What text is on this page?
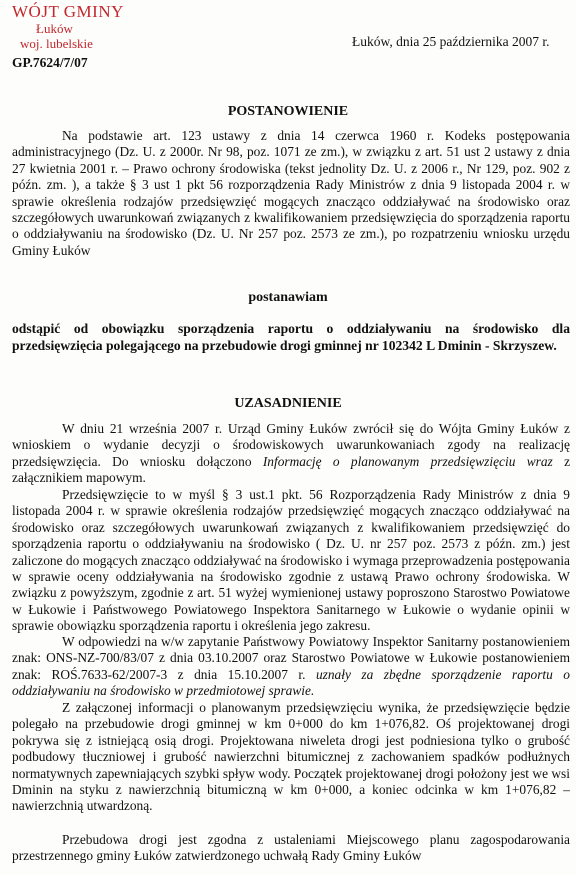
WÓJT GMINY
Łuków
woj. lubelskie
GP.7624/7/07
Łuków, dnia 25 października 2007 r.
POSTANOWIENIE

Na podstawie art. 123 ustawy z dnia 14 czerwca 1960 r. Kodeks postępowania administracyjnego (Dz. U. z 2000r. Nr 98, poz. 1071 ze zm.), w związku z art. 51 ust 2 ustawy z dnia 27 kwietnia 2001 r. – Prawo ochrony środowiska (tekst jednolity Dz. U. z 2006 r., Nr 129, poz. 902 z późn. zm. ), a także § 3 ust 1 pkt 56 rozporządzenia Rady Ministrów z dnia 9 listopada 2004 r. w sprawie określenia rodzajów przedsięwzięć mogących znacząco oddziaływać na środowisko oraz szczegółowych uwarunkowań związanych z kwalifikowaniem przedsięwzięcia do sporządzenia raportu o oddziaływaniu na środowisko (Dz. U. Nr 257 poz. 2573 ze zm.), po rozpatrzeniu wniosku urzędu Gminy Łuków

postanawiam

odstąpić od obowiązku sporządzenia raportu o oddziaływaniu na środowisko dla przedsięwzięcia polegającego na przebudowie drogi gminnej nr 102342 L Dminin - Skrzyszew.

UZASADNIENIE

W dniu 21 września 2007 r. Urząd Gminy Łuków zwrócił się do Wójta Gminy Łuków z wnioskiem o wydanie decyzji o środowiskowych uwarunkowaniach zgody na realizację przedsięwzięcia. Do wniosku dołączono Informację o planowanym przedsięwzięciu wraz z załącznikiem mapowym.

Przedsięwzięcie to w myśl § 3 ust.1 pkt. 56 Rozporządzenia Rady Ministrów z dnia 9 listopada 2004 r. w sprawie określenia rodzajów przedsięwzięć mogących znacząco oddziaływać na środowisko oraz szczegółowych uwarunkowań związanych z kwalifikowaniem przedsięwzięć do sporządzenia raportu o oddziaływaniu na środowisko ( Dz. U. nr 257 poz. 2573 z późn. zm.) jest zaliczone do mogących znacząco oddziaływać na środowisko i wymaga przeprowadzenia postępowania w sprawie oceny oddziaływania na środowisko zgodnie z ustawą Prawo ochrony środowiska. W związku z powyższym, zgodnie z art. 51 wyżej wymienionej ustawy poproszono Starostwo Powiatowe w Łukowie i Państwowego Powiatowego Inspektora Sanitarnego w Łukowie o wydanie opinii w sprawie obowiązku sporządzenia raportu i określenia jego zakresu.

W odpowiedzi na w/w zapytanie Państwowy Powiatowy Inspektor Sanitarny postanowieniem znak: ONS-NZ-700/83/07 z dnia 03.10.2007 oraz Starostwo Powiatowe w Łukowie postanowieniem znak: ROŚ.7633-62/2007-3 z dnia 15.10.2007 r. uznały za zbędne sporządzenie raportu o oddziaływaniu na środowisko w przedmiotowej sprawie.

Z załączonej informacji o planowanym przedsięwzięciu wynika, że przedsięwzięcie będzie polegało na przebudowie drogi gminnej w km 0+000 do km 1+076,82. Oś projektowanej drogi pokrywa się z istniejącą osią drogi. Projektowana niweleta drogi jest podniesiona tylko o grubość podbudowy tłuczniowej i grubość nawierzchni bitumicznej z zachowaniem spadków podłużnych normatywnych zapewniających szybki spływ wody. Początek projektowanej drogi położony jest we wsi Dminin na styku z nawierzchnią bitumiczną w km 0+000, a koniec odcinka w km 1+076,82 – nawierzchnią utwardzoną.

Przebudowa drogi jest zgodna z ustaleniami Miejscowego planu zagospodarowania przestrzennego gminy Łuków zatwierdzonego uchwałą Rady Gminy Łuków
